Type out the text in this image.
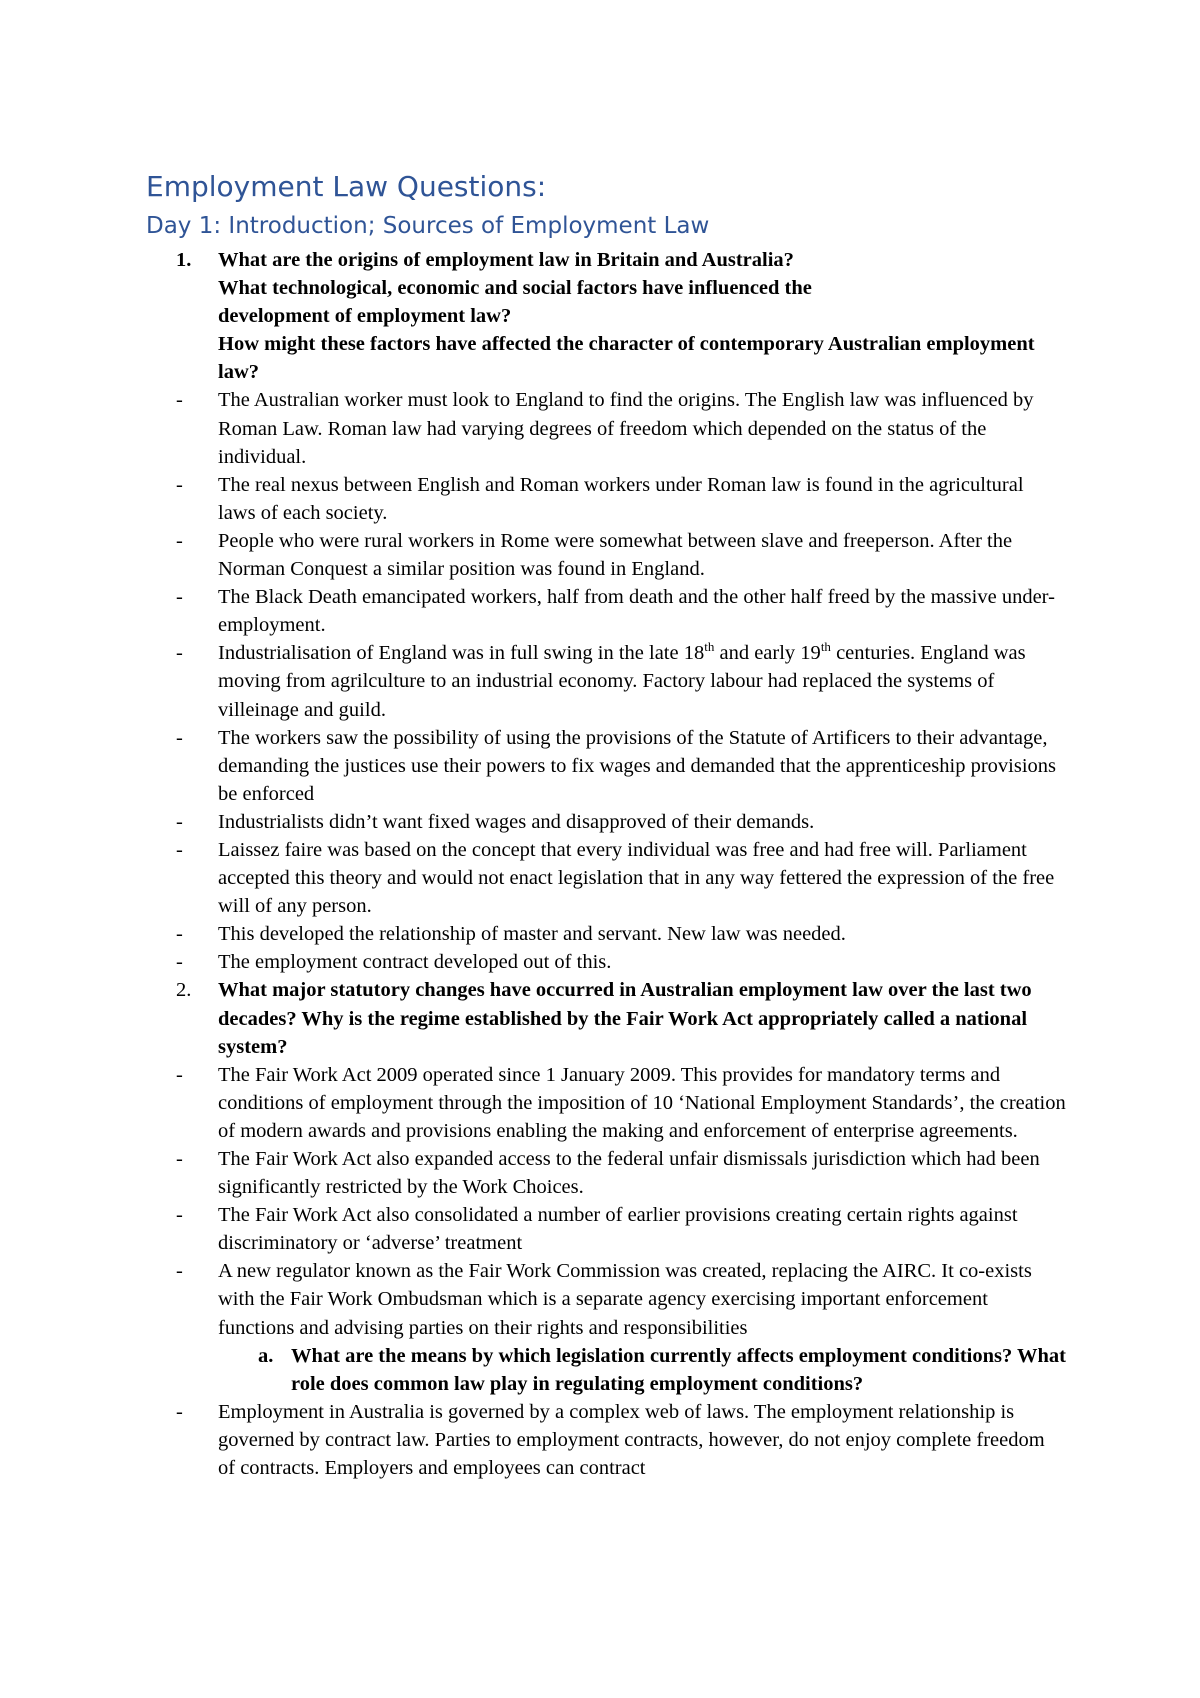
Employment Law Questions:
Day 1: Introduction; Sources of Employment Law
1.	What are the origins of employment law in Britain and Australia?
What technological, economic and social factors have influenced the development of employment law?
How might these factors have affected the character of contemporary Australian employment law?
-	The Australian worker must look to England to find the origins. The English law was influenced by Roman Law. Roman law had varying degrees of freedom which depended on the status of the individual.
-	The real nexus between English and Roman workers under Roman law is found in the agricultural laws of each society.
-	People who were rural workers in Rome were somewhat between slave and freeperson. After the Norman Conquest a similar position was found in England.
-	The Black Death emancipated workers, half from death and the other half freed by the massive under-employment.
-	Industrialisation of England was in full swing in the late 18th and early 19th centuries. England was moving from agrilculture to an industrial economy. Factory labour had replaced the systems of villeinage and guild.
-	The workers saw the possibility of using the provisions of the Statute of Artificers to their advantage, demanding the justices use their powers to fix wages and demanded that the apprenticeship provisions be enforced
-	Industrialists didn’t want fixed wages and disapproved of their demands.
-	Laissez faire was based on the concept that every individual was free and had free will. Parliament accepted this theory and would not enact legislation that in any way fettered the expression of the free will of any person.
-	This developed the relationship of master and servant. New law was needed.
-	The employment contract developed out of this.
2.	What major statutory changes have occurred in Australian employment law over the last two decades? Why is the regime established by the Fair Work Act appropriately called a national system?
-	The Fair Work Act 2009 operated since 1 January 2009. This provides for mandatory terms and conditions of employment through the imposition of 10 ‘National Employment Standards’, the creation of modern awards and provisions enabling the making and enforcement of enterprise agreements.
-	The Fair Work Act also expanded access to the federal unfair dismissals jurisdiction which had been significantly restricted by the Work Choices.
-	The Fair Work Act also consolidated a number of earlier provisions creating certain rights against discriminatory or ‘adverse’ treatment
-	A new regulator known as the Fair Work Commission was created, replacing the AIRC. It co-exists with the Fair Work Ombudsman which is a separate agency exercising important enforcement functions and advising parties on their rights and responsibilities
a. What are the means by which legislation currently affects employment conditions? What role does common law play in regulating employment conditions?
-	Employment in Australia is governed by a complex web of laws. The employment relationship is governed by contract law. Parties to employment contracts, however, do not enjoy complete freedom of contracts. Employers and employees can contract
